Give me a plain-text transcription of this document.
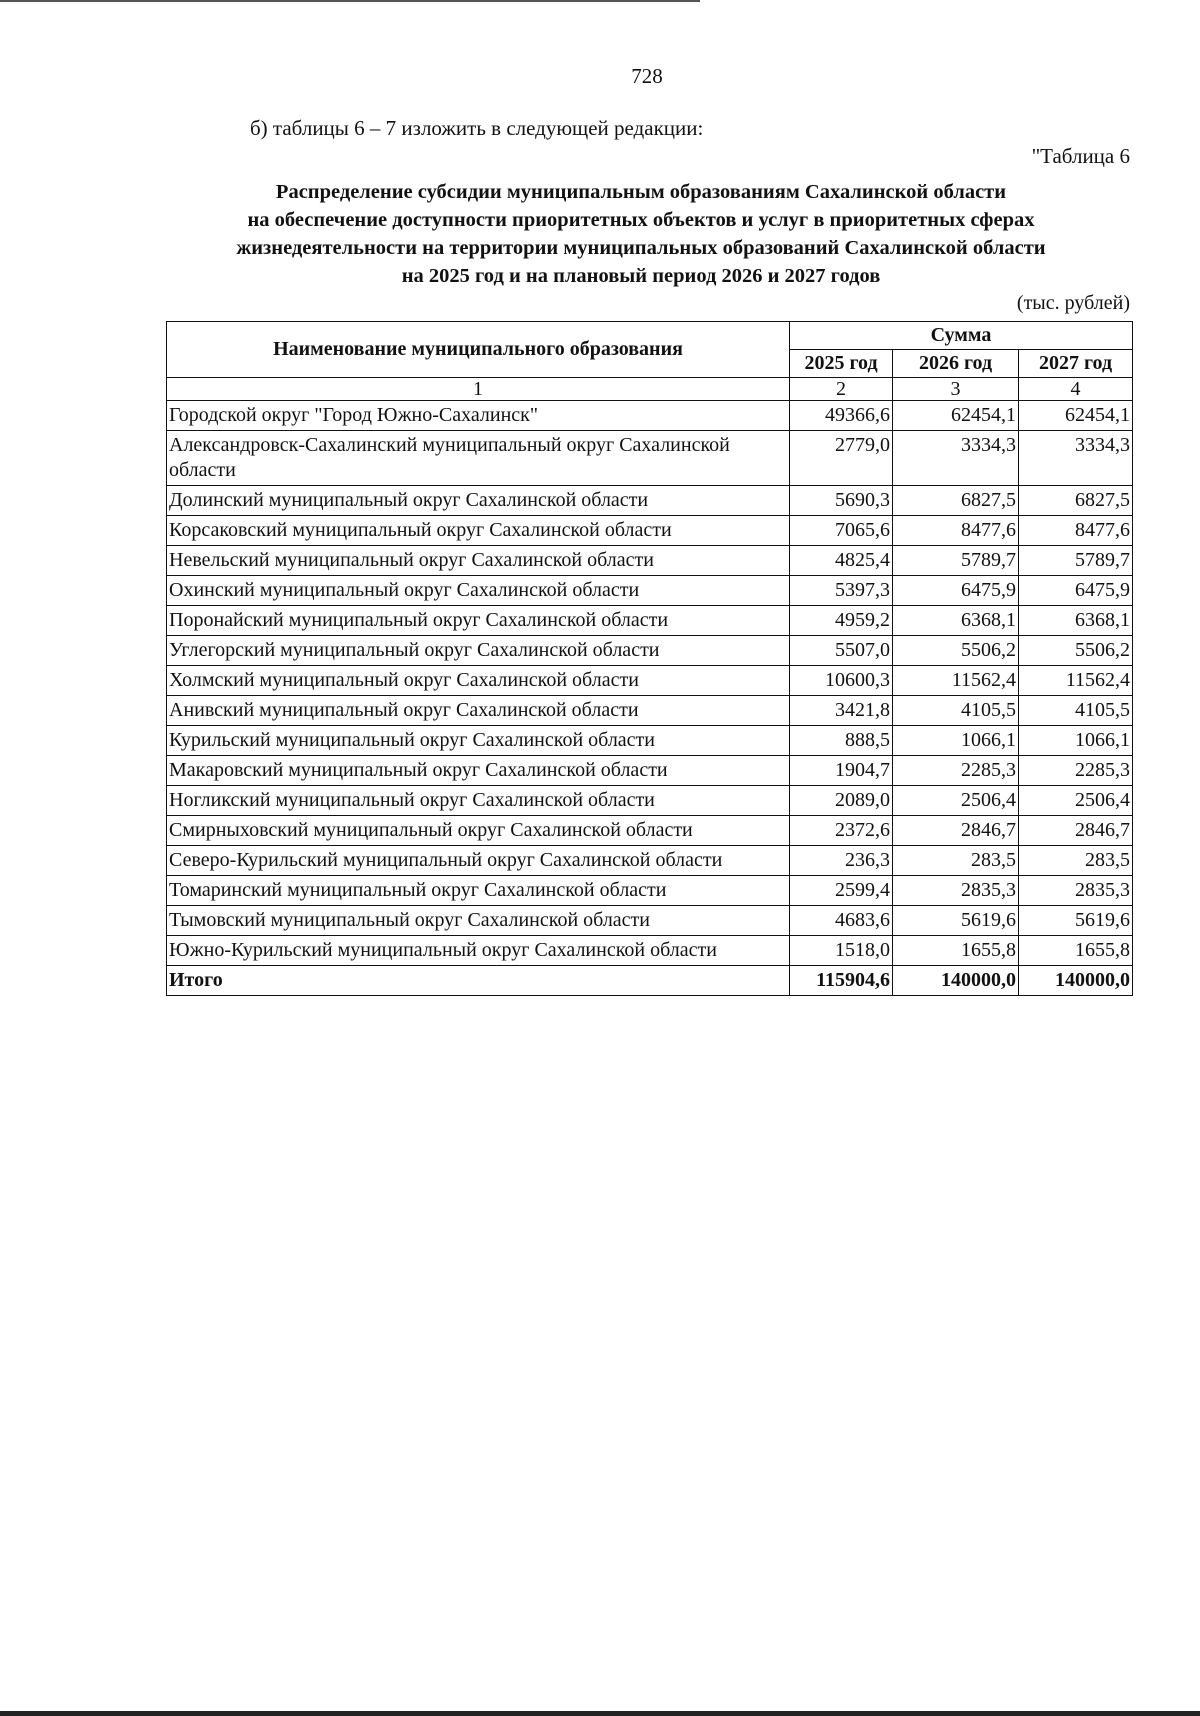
728
б) таблицы 6 – 7 изложить в следующей редакции:
"Таблица 6
Распределение субсидии муниципальным образованиям Сахалинской области
на обеспечение доступности приоритетных объектов и услуг в приоритетных сферах
жизнедеятельности на территории муниципальных образований Сахалинской области
на 2025 год и на плановый период 2026 и 2027 годов
(тыс. рублей)
Наименование муниципального образования	Сумма		
	2025 год	2026 год	2027 год
1	2	3	4
Городской округ "Город Южно-Сахалинск"	49366,6	62454,1	62454,1
Александровск-Сахалинский муниципальный округ Сахалинской области	2779,0	3334,3	3334,3
Долинский муниципальный округ Сахалинской области	5690,3	6827,5	6827,5
Корсаковский муниципальный округ Сахалинской области	7065,6	8477,6	8477,6
Невельский муниципальный округ Сахалинской области	4825,4	5789,7	5789,7
Охинский муниципальный округ Сахалинской области	5397,3	6475,9	6475,9
Поронайский муниципальный округ Сахалинской области	4959,2	6368,1	6368,1
Углегорский муниципальный округ Сахалинской области	5507,0	5506,2	5506,2
Холмский муниципальный округ Сахалинской области	10600,3	11562,4	11562,4
Анивский муниципальный округ Сахалинской области	3421,8	4105,5	4105,5
Курильский муниципальный округ Сахалинской области	888,5	1066,1	1066,1
Макаровский муниципальный округ Сахалинской области	1904,7	2285,3	2285,3
Ногликский муниципальный округ Сахалинской области	2089,0	2506,4	2506,4
Смирныховский муниципальный округ Сахалинской области	2372,6	2846,7	2846,7
Северо-Курильский муниципальный округ Сахалинской области	236,3	283,5	283,5
Томаринский муниципальный округ Сахалинской области	2599,4	2835,3	2835,3
Тымовский муниципальный округ Сахалинской области	4683,6	5619,6	5619,6
Южно-Курильский муниципальный округ Сахалинской области	1518,0	1655,8	1655,8
Итого	115904,6	140000,0	140000,0
